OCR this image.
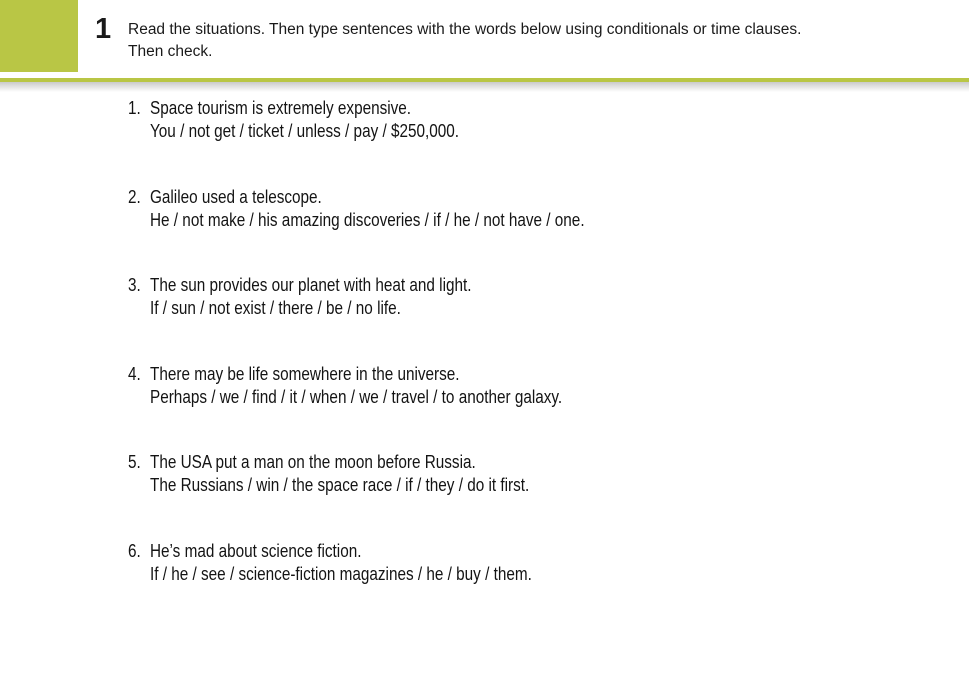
1 Read the situations. Then type sentences with the words below using conditionals or time clauses.
Then check.
1. Space tourism is extremely expensive.
You / not get / ticket / unless / pay / $250,000.
2. Galileo used a telescope.
He / not make / his amazing discoveries / if / he / not have / one.
3. The sun provides our planet with heat and light.
If / sun / not exist / there / be / no life.
4. There may be life somewhere in the universe.
Perhaps / we / find / it / when / we / travel / to another galaxy.
5. The USA put a man on the moon before Russia.
The Russians / win / the space race / if / they / do it first.
6. He’s mad about science fiction.
If / he / see / science-fiction magazines / he / buy / them.
